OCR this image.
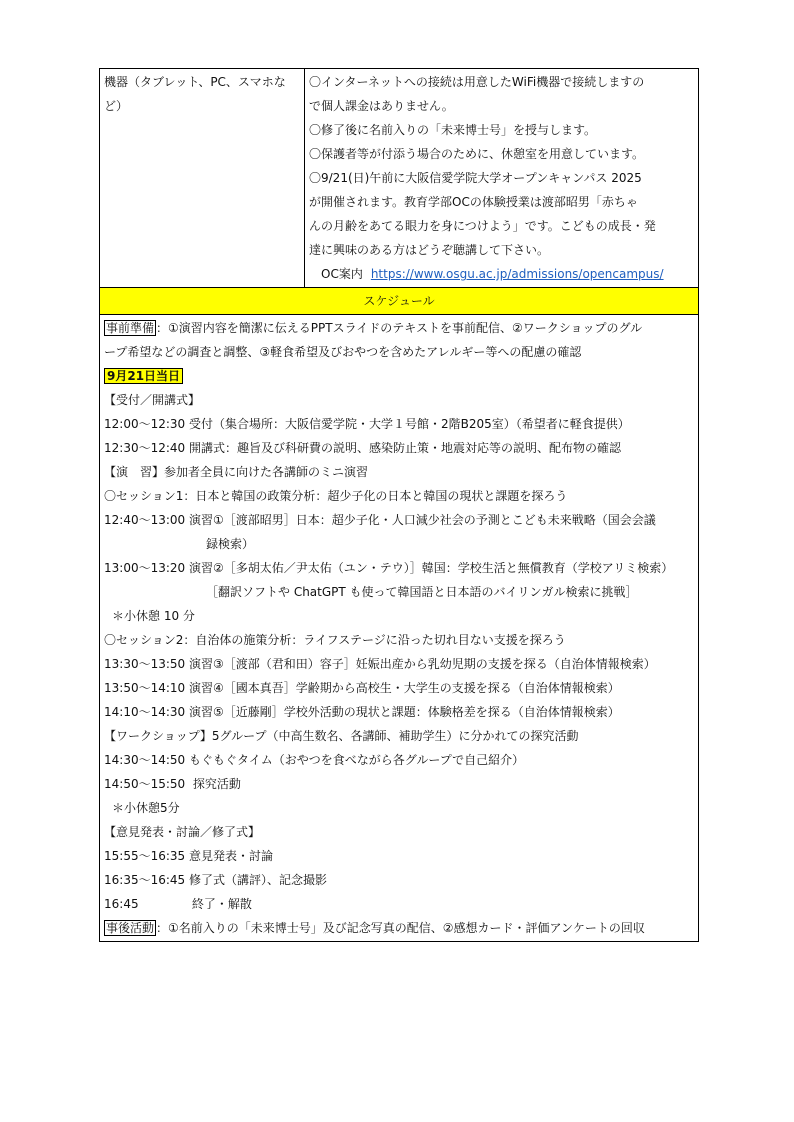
機器（タブレット、PC、スマホなど）	
〇インターネットへの接続は用意したWiFi機器で接続しますの
で個人課金はありません。
〇修了後に名前入りの「未来博士号」を授与します。
〇保護者等が付添う場合のために、休憩室を用意しています。
〇9/21(日)午前に大阪信愛学院大学オープンキャンパス 2025
が開催されます。教育学部OCの体験授業は渡部昭男「赤ちゃ
んの月齢をあてる眼力を身につけよう」です。こどもの成長・発
達に興味のある方はどうぞ聴講して下さい。
OC案内 https://www.osgu.ac.jp/admissions/opencampus/

スケジュール

事前準備 ：①演習内容を簡潔に伝えるPPTスライドのテキストを事前配信、②ワークショップのグル
ープ希望などの調査と調整、③軽食希望及びおやつを含めたアレルギー等への配慮の確認
9月21日当日
【受付／開講式】
12:00～12:30 受付（集合場所：大阪信愛学院・大学１号館・2階B205室）（希望者に軽食提供）
12:30～12:40 開講式：趣旨及び科研費の説明、感染防止策・地震対応等の説明、配布物の確認
【演　習】参加者全員に向けた各講師のミニ演習
〇セッション1：日本と韓国の政策分析：超少子化の日本と韓国の現状と課題を探ろう
12:40～13:00 演習①［渡部昭男］日本：超少子化・人口減少社会の予測とこども未来戦略（国会会議
録検索）
13:00～13:20 演習②［多胡太佑／尹太佑（ユン・テウ）］韓国：学校生活と無償教育（学校アリミ検索）
［翻訳ソフトや ChatGPT も使って韓国語と日本語のバイリンガル検索に挑戦］
＊小休憩 10 分
〇セッション2：自治体の施策分析：ライフステージに沿った切れ目ない支援を探ろう
13:30～13:50 演習③［渡部（君和田）容子］妊娠出産から乳幼児期の支援を探る（自治体情報検索）
13:50～14:10 演習④［國本真吾］学齢期から高校生・大学生の支援を探る（自治体情報検索）
14:10～14:30 演習⑤［近藤剛］学校外活動の現状と課題：体験格差を探る（自治体情報検索）
【ワークショップ】5グループ（中高生数名、各講師、補助学生）に分かれての探究活動
14:30～14:50 もぐもぐタイム（おやつを食べながら各グループで自己紹介）
14:50～15:50 探究活動
＊小休憩5分
【意見発表・討論／修了式】
15:55～16:35 意見発表・討論
16:35～16:45 修了式（講評）、記念撮影
16:45	終了・解散
事後活動 ：①名前入りの「未来博士号」及び記念写真の配信、②感想カード・評価アンケートの回収
